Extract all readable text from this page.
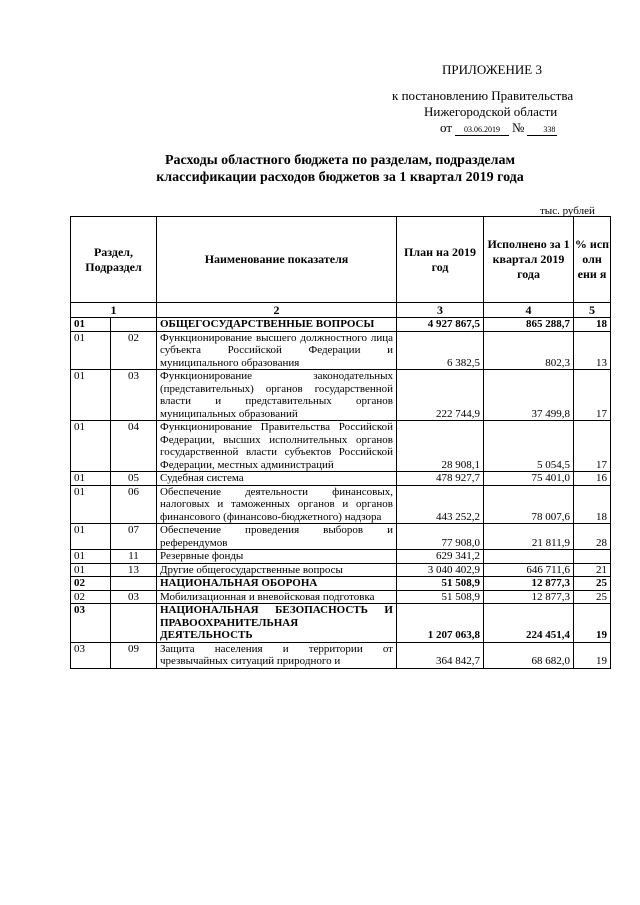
ПРИЛОЖЕНИЕ 3
к постановлению Правительства
Нижегородской области
от	03.06.2019 №	338
Расходы областного бюджета по разделам, подразделам
классификации расходов бюджетов за 1 квартал 2019 года
тыс. рублей
Раздел, Подраздел		Наименование показателя	План на 2019 год	Исполнено за 1 квартал 2019 года	% исп олн ени я
1		2	3	4	5
01		ОБЩЕГОСУДАРСТВЕННЫЕ ВОПРОСЫ	4 927 867,5	865 288,7	18
01	02	Функционирование высшего должностного лица субъекта Российской Федерации и муниципального образования	6 382,5	802,3	13
01	03	Функционирование законодательных (представительных) органов государственной власти и представительных органов муниципальных образований	222 744,9	37 499,8	17
01	04	Функционирование Правительства Российской Федерации, высших исполнительных органов государственной власти субъектов Российской Федерации, местных администраций	28 908,1	5 054,5	17
01	05	Судебная система	478 927,7	75 401,0	16
01	06	Обеспечение деятельности финансовых, налоговых и таможенных органов и органов финансового (финансово-бюджетного) надзора	443 252,2	78 007,6	18
01	07	Обеспечение проведения выборов и референдумов	77 908,0	21 811,9	28
01	11	Резервные фонды	629 341,2		
01	13	Другие общегосударственные вопросы	3 040 402,9	646 711,6	21
02		НАЦИОНАЛЬНАЯ ОБОРОНА	51 508,9	12 877,3	25
02	03	Мобилизационная и вневойсковая подготовка	51 508,9	12 877,3	25
03		НАЦИОНАЛЬНАЯ БЕЗОПАСНОСТЬ И ПРАВООХРАНИТЕЛЬНАЯ ДЕЯТЕЛЬНОСТЬ	1 207 063,8	224 451,4	19
03	09	Защита населения и территории от чрезвычайных ситуаций природного и	364 842,7	68 682,0	19
